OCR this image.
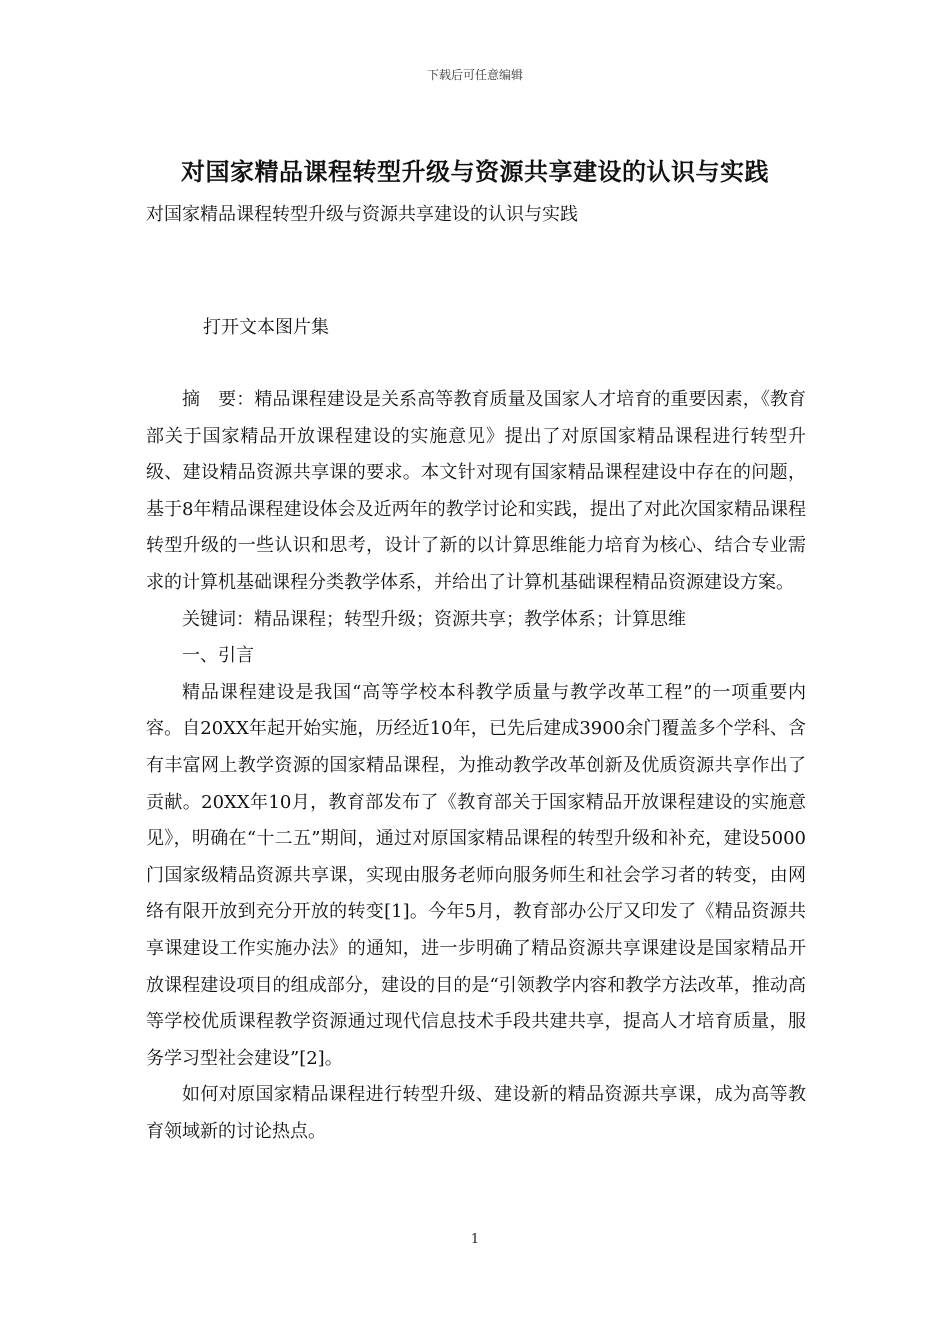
下载后可任意编辑
对国家精品课程转型升级与资源共享建设的认识与实践

对国家精品课程转型升级与资源共享建设的认识与实践

打开文本图片集

摘　要：精品课程建设是关系高等教育质量及国家人才培育的重要因素，《教育部关于国家精品开放课程建设的实施意见》提出了对原国家精品课程进行转型升级、建设精品资源共享课的要求。本文针对现有国家精品课程建设中存在的问题，基于8年精品课程建设体会及近两年的教学讨论和实践，提出了对此次国家精品课程转型升级的一些认识和思考，设计了新的以计算思维能力培育为核心、结合专业需求的计算机基础课程分类教学体系，并给出了计算机基础课程精品资源建设方案。

关键词：精品课程；转型升级；资源共享；教学体系；计算思维

一、引言

精品课程建设是我国“高等学校本科教学质量与教学改革工程”的一项重要内容。自20XX年起开始实施，历经近10年，已先后建成3900余门覆盖多个学科、含有丰富网上教学资源的国家精品课程，为推动教学改革创新及优质资源共享作出了贡献。20XX年10月，教育部发布了《教育部关于国家精品开放课程建设的实施意见》，明确在“十二五”期间，通过对原国家精品课程的转型升级和补充，建设5000门国家级精品资源共享课，实现由服务老师向服务师生和社会学习者的转变，由网络有限开放到充分开放的转变[1]。今年5月，教育部办公厅又印发了《精品资源共享课建设工作实施办法》的通知，进一步明确了精品资源共享课建设是国家精品开放课程建设项目的组成部分，建设的目的是“引领教学内容和教学方法改革，推动高等学校优质课程教学资源通过现代信息技术手段共建共享，提高人才培育质量，服务学习型社会建设”[2]。

如何对原国家精品课程进行转型升级、建设新的精品资源共享课，成为高等教育领域新的讨论热点。

1
